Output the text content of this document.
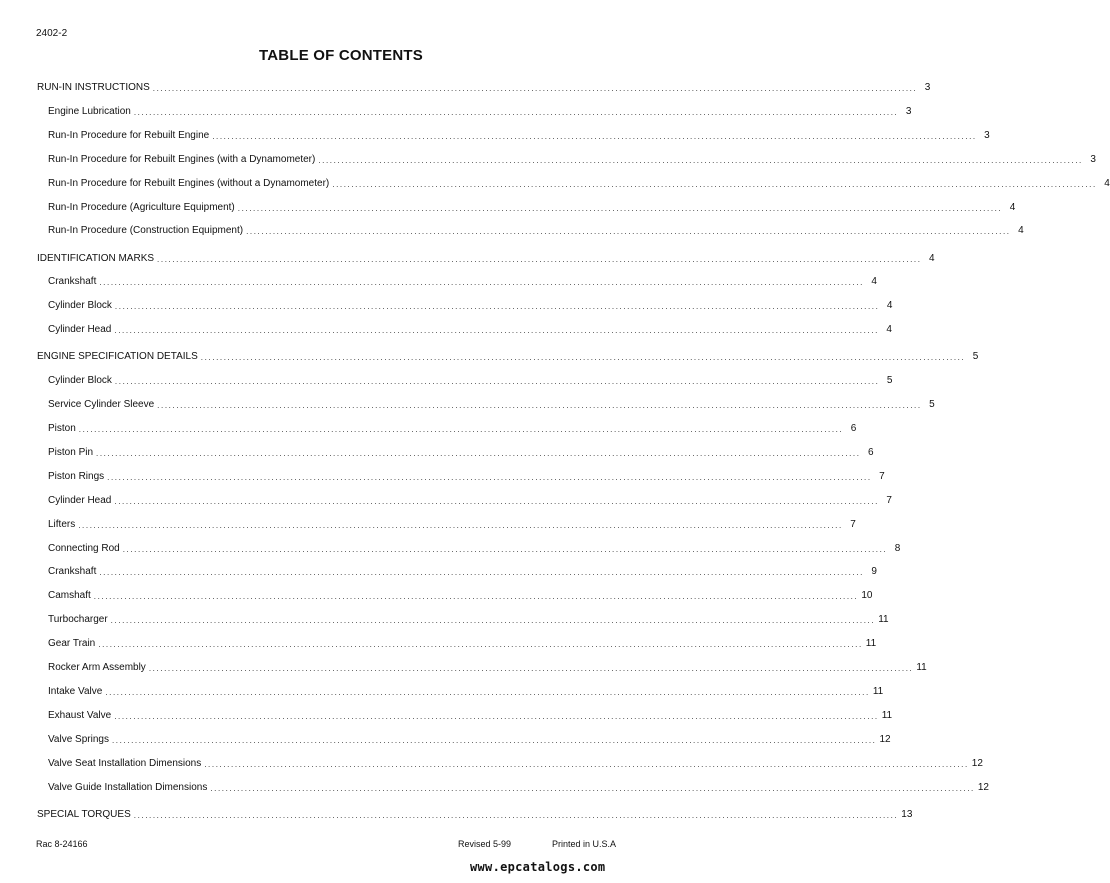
2402-2
TABLE OF CONTENTS
RUN-IN INSTRUCTIONS ........................................................................................................................................................................................................ 3
Engine Lubrication ........................................................................................................................................................................................................ 3
Run-In Procedure for Rebuilt Engine ........................................................................................................................................................................................................ 3
Run-In Procedure for Rebuilt Engines (with a Dynamometer) ........................................................................................................................................................................................................ 3
Run-In Procedure for Rebuilt Engines (without a Dynamometer) ........................................................................................................................................................................................................ 4
Run-In Procedure (Agriculture Equipment) ........................................................................................................................................................................................................ 4
Run-In Procedure (Construction Equipment) ........................................................................................................................................................................................................ 4
IDENTIFICATION MARKS ........................................................................................................................................................................................................ 4
Crankshaft ........................................................................................................................................................................................................ 4
Cylinder Block ........................................................................................................................................................................................................ 4
Cylinder Head ........................................................................................................................................................................................................ 4
ENGINE SPECIFICATION DETAILS ........................................................................................................................................................................................................ 5
Cylinder Block ........................................................................................................................................................................................................ 5
Service Cylinder Sleeve ........................................................................................................................................................................................................ 5
Piston ........................................................................................................................................................................................................ 6
Piston Pin ........................................................................................................................................................................................................ 6
Piston Rings ........................................................................................................................................................................................................ 7
Cylinder Head ........................................................................................................................................................................................................ 7
Lifters ........................................................................................................................................................................................................ 7
Connecting Rod ........................................................................................................................................................................................................ 8
Crankshaft ........................................................................................................................................................................................................ 9
Camshaft ........................................................................................................................................................................................................ 10
Turbocharger ........................................................................................................................................................................................................ 11
Gear Train ........................................................................................................................................................................................................ 11
Rocker Arm Assembly ........................................................................................................................................................................................................ 11
Intake Valve ........................................................................................................................................................................................................ 11
Exhaust Valve ........................................................................................................................................................................................................ 11
Valve Springs ........................................................................................................................................................................................................ 12
Valve Seat Installation Dimensions ........................................................................................................................................................................................................ 12
Valve Guide Installation Dimensions ........................................................................................................................................................................................................ 12
SPECIAL TORQUES ........................................................................................................................................................................................................ 13
Rac 8-24166	Revised 5-99	Printed in U.S.A
www.epcatalogs.com
